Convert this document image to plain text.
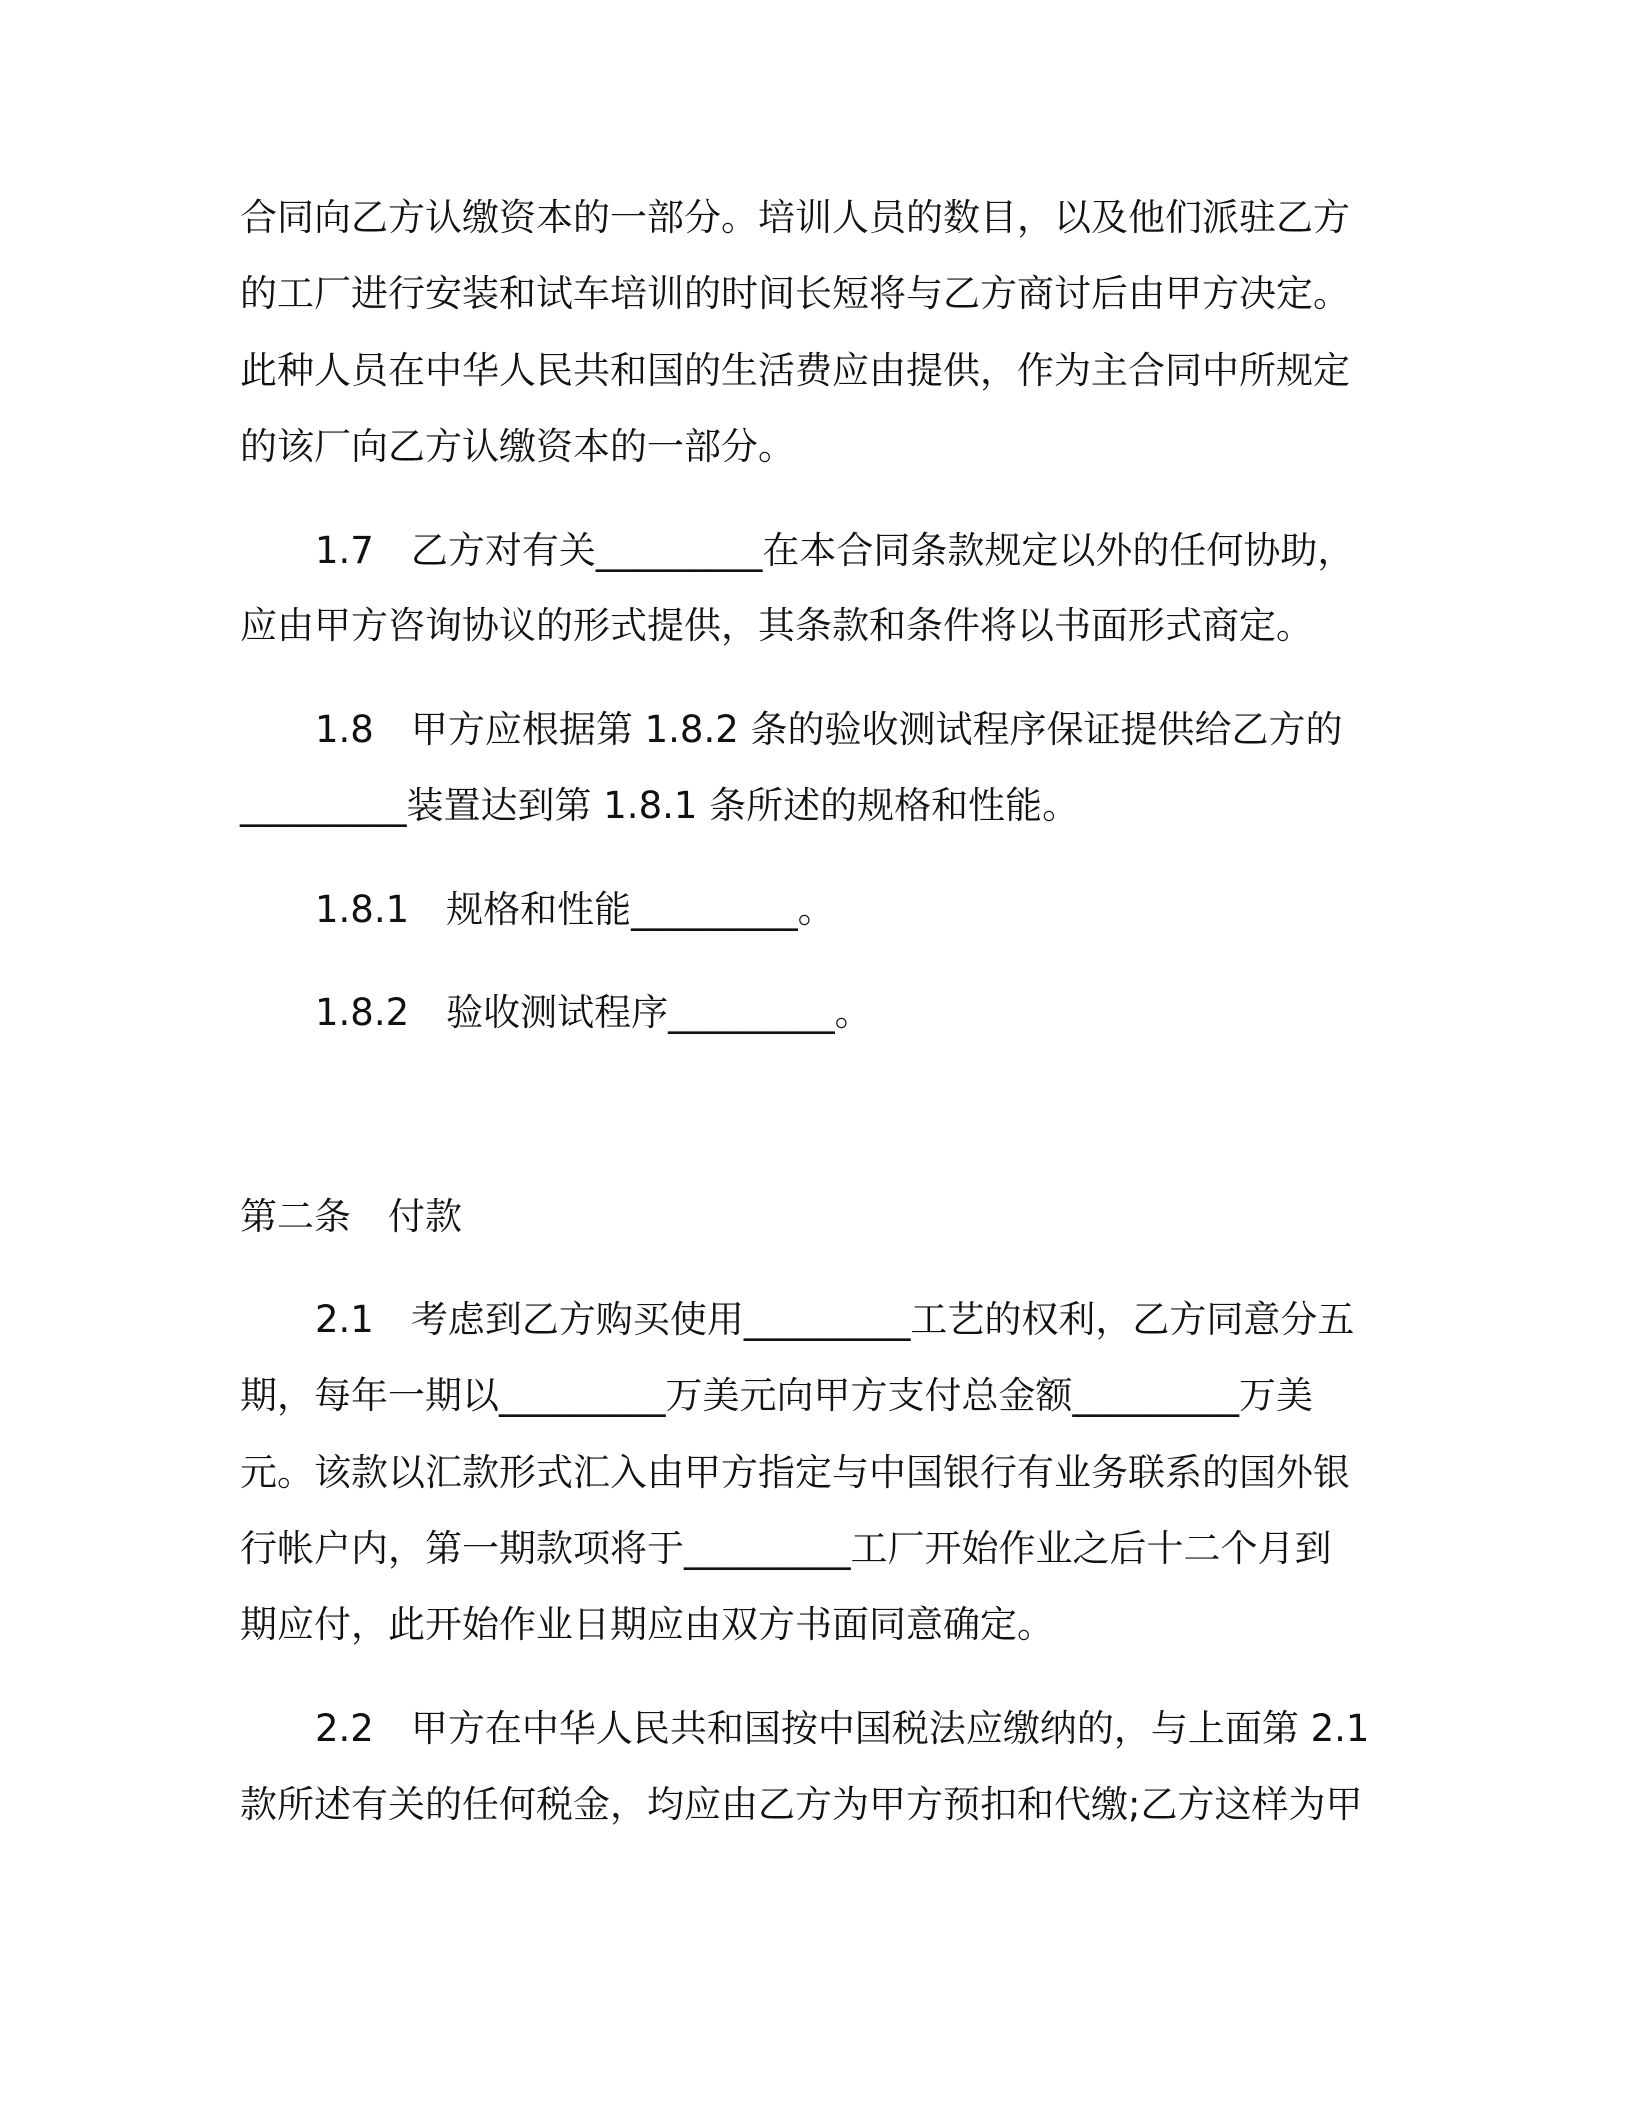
合同向乙方认缴资本的一部分。培训人员的数目，以及他们派驻乙方
的工厂进行安装和试车培训的时间长短将与乙方商讨后由甲方决定。
此种人员在中华人民共和国的生活费应由提供，作为主合同中所规定
的该厂向乙方认缴资本的一部分。
1.7　乙方对有关_________在本合同条款规定以外的任何协助，
应由甲方咨询协议的形式提供，其条款和条件将以书面形式商定。
1.8　甲方应根据第 1.8.2 条的验收测试程序保证提供给乙方的
_________装置达到第 1.8.1 条所述的规格和性能。
1.8.1　规格和性能_________。
1.8.2　验收测试程序_________。
第二条　付款
2.1　考虑到乙方购买使用_________工艺的权利，乙方同意分五
期，每年一期以_________万美元向甲方支付总金额_________万美
元。该款以汇款形式汇入由甲方指定与中国银行有业务联系的国外银
行帐户内，第一期款项将于_________工厂开始作业之后十二个月到
期应付，此开始作业日期应由双方书面同意确定。
2.2　甲方在中华人民共和国按中国税法应缴纳的，与上面第 2.1
款所述有关的任何税金，均应由乙方为甲方预扣和代缴;乙方这样为甲
